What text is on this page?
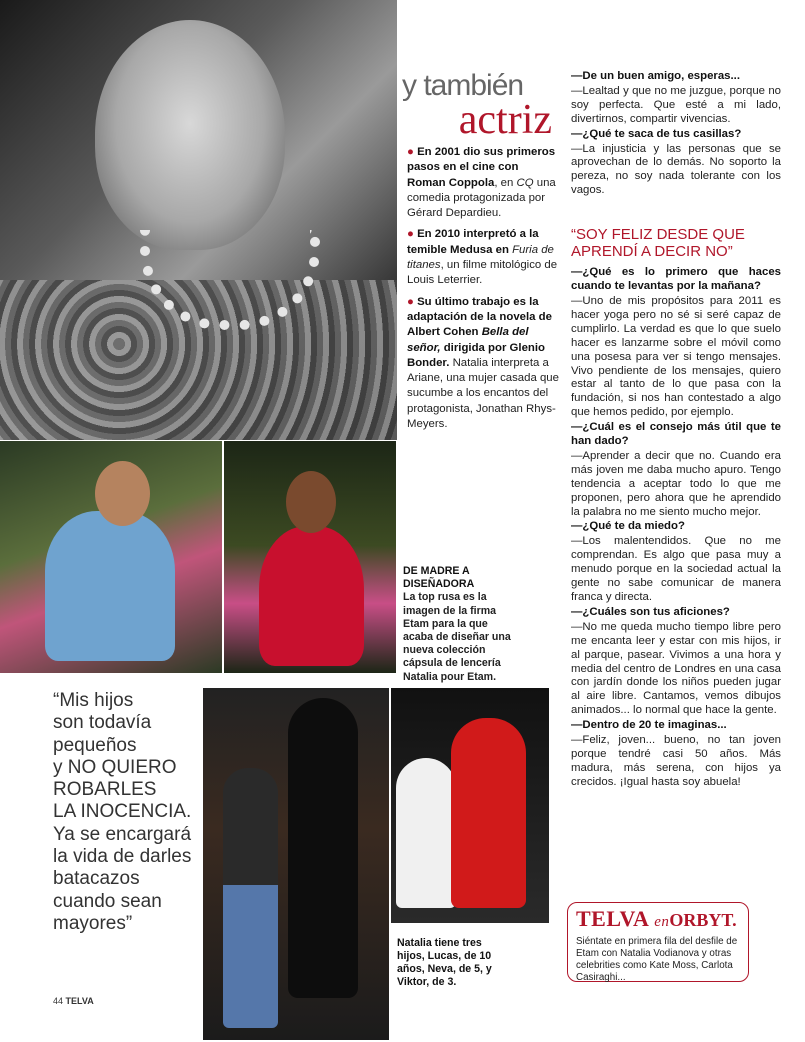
y también
actriz

● En 2001 dio sus primeros pasos en el cine con Roman Coppola, en CQ una comedia protagonizada por Gérard Depardieu.

● En 2010 interpretó a la temible Medusa en Furia de titanes, un filme mitológico de Louis Leterrier.

● Su último trabajo es la adaptación de la novela de Albert Cohen Bella del señor, dirigida por Glenio Bonder. Natalia interpreta a Ariane, una mujer casada que sucumbe a los encantos del protagonista, Jonathan Rhys-Meyers.

—De un buen amigo, esperas...

—Lealtad y que no me juzgue, porque no soy perfecta. Que esté a mi lado, divertirnos, compartir vivencias.

—¿Qué te saca de tus casillas?

—La injusticia y las personas que se aprovechan de lo demás. No soporto la pereza, no soy nada tolerante con los vagos.

“SOY FELIZ DESDE QUE APRENDÍ A DECIR NO”

—¿Qué es lo primero que haces cuando te levantas por la mañana?

—Uno de mis propósitos para 2011 es hacer yoga pero no sé si seré capaz de cumplirlo. La verdad es que lo que suelo hacer es lanzarme sobre el móvil como una posesa para ver si tengo mensajes. Vivo pendiente de los mensajes, quiero estar al tanto de lo que pasa con la fundación, si nos han contestado a algo que hemos pedido, por ejemplo.

—¿Cuál es el consejo más útil que te han dado?

—Aprender a decir que no. Cuando era más joven me daba mucho apuro. Tengo tendencia a aceptar todo lo que me proponen, pero ahora que he aprendido la palabra no me siento mucho mejor.

—¿Qué te da miedo?

—Los malentendidos. Que no me comprendan. Es algo que pasa muy a menudo porque en la sociedad actual la gente no sabe comunicar de manera franca y directa.

—¿Cuáles son tus aficiones?

—No me queda mucho tiempo libre pero me encanta leer y estar con mis hijos, ir al parque, pasear. Vivimos a una hora y media del centro de Londres en una casa con jardín donde los niños pueden jugar al aire libre. Cantamos, vemos dibujos animados... lo normal que hace la gente.

—Dentro de 20 te imaginas...

—Feliz, joven... bueno, no tan joven porque tendré casi 50 años. Más madura, más serena, con hijos ya crecidos. ¡Igual hasta soy abuela!

DE MADRE A DISEÑADORA
La top rusa es la imagen de la firma Etam para la que acaba de diseñar una nueva colección cápsula de lencería Natalia pour Etam.
Natalia tiene tres hijos, Lucas, de 10 años, Neva, de 5, y Viktor, de 3.
“Mis hijos
son todavía
pequeños
y NO QUIERO
ROBARLES
LA INOCENCIA.
Ya se encargará
la vida de darles
batacazos
cuando sean
mayores”
44 TELVA
TELVA enORBYT.
Siéntate en primera fila del desfile de Etam con Natalia Vodianova y otras celebrities como Kate Moss, Carlota Casiraghi...
